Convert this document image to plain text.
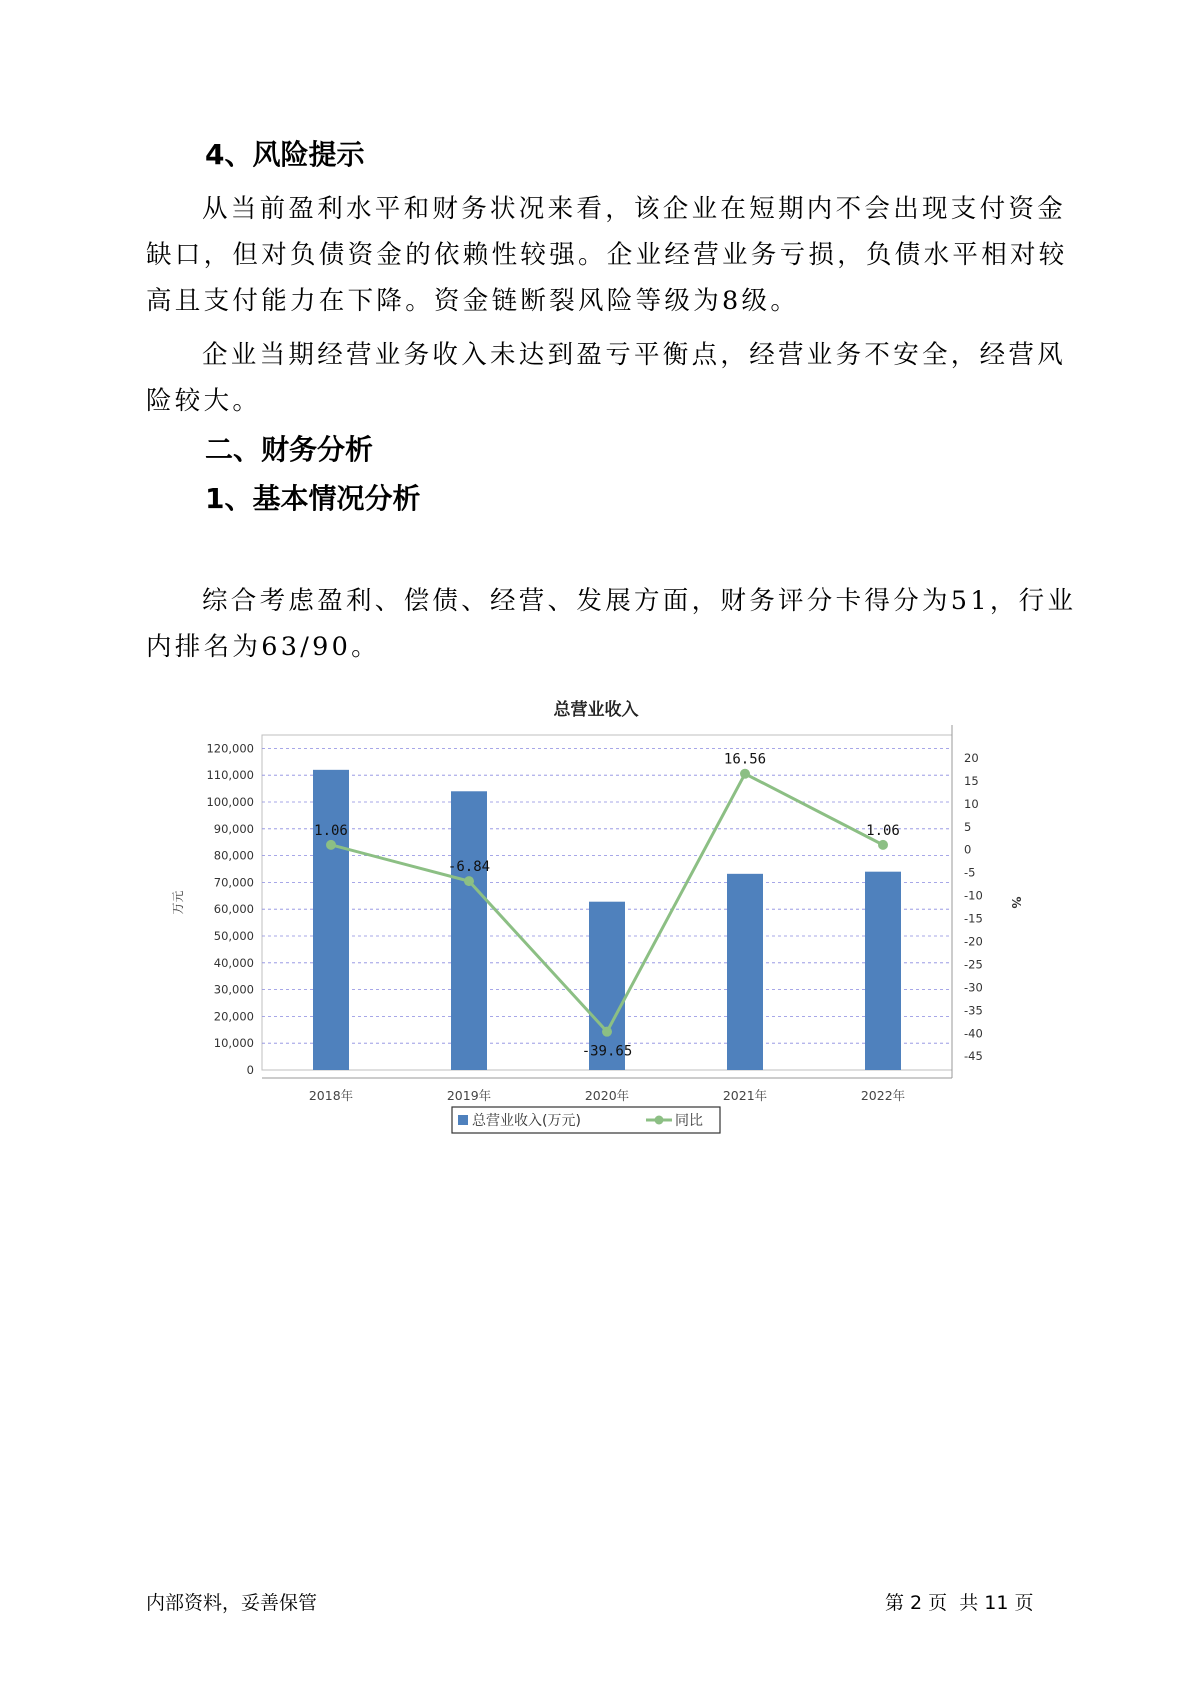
4、风险提示

从当前盈利水平和财务状况来看，该企业在短期内不会出现支付资金
缺口，但对负债资金的依赖性较强。企业经营业务亏损，负债水平相对较
高且支付能力在下降。资金链断裂风险等级为8级。

企业当期经营业务收入未达到盈亏平衡点，经营业务不安全，经营风
险较大。

二、财务分析
1、基本情况分析

综合考虑盈利、偿债、经营、发展方面，财务评分卡得分为51，行业
内排名为63/90。

总营业收入
0
10,000
20,000
30,000
40,000
50,000
60,000
70,000
80,000
90,000
100,000
110,000
120,000
20
15
10
5
0
-5
-10
-15
-20
-25
-30
-35
-40
-45
万元	%
2018年	2019年	2020年	2021年	2022年
1.06
-6.84
-39.65
16.56
1.06
总营业收入(万元)	同比
内部资料，妥善保管	第 2 页  共 11 页
